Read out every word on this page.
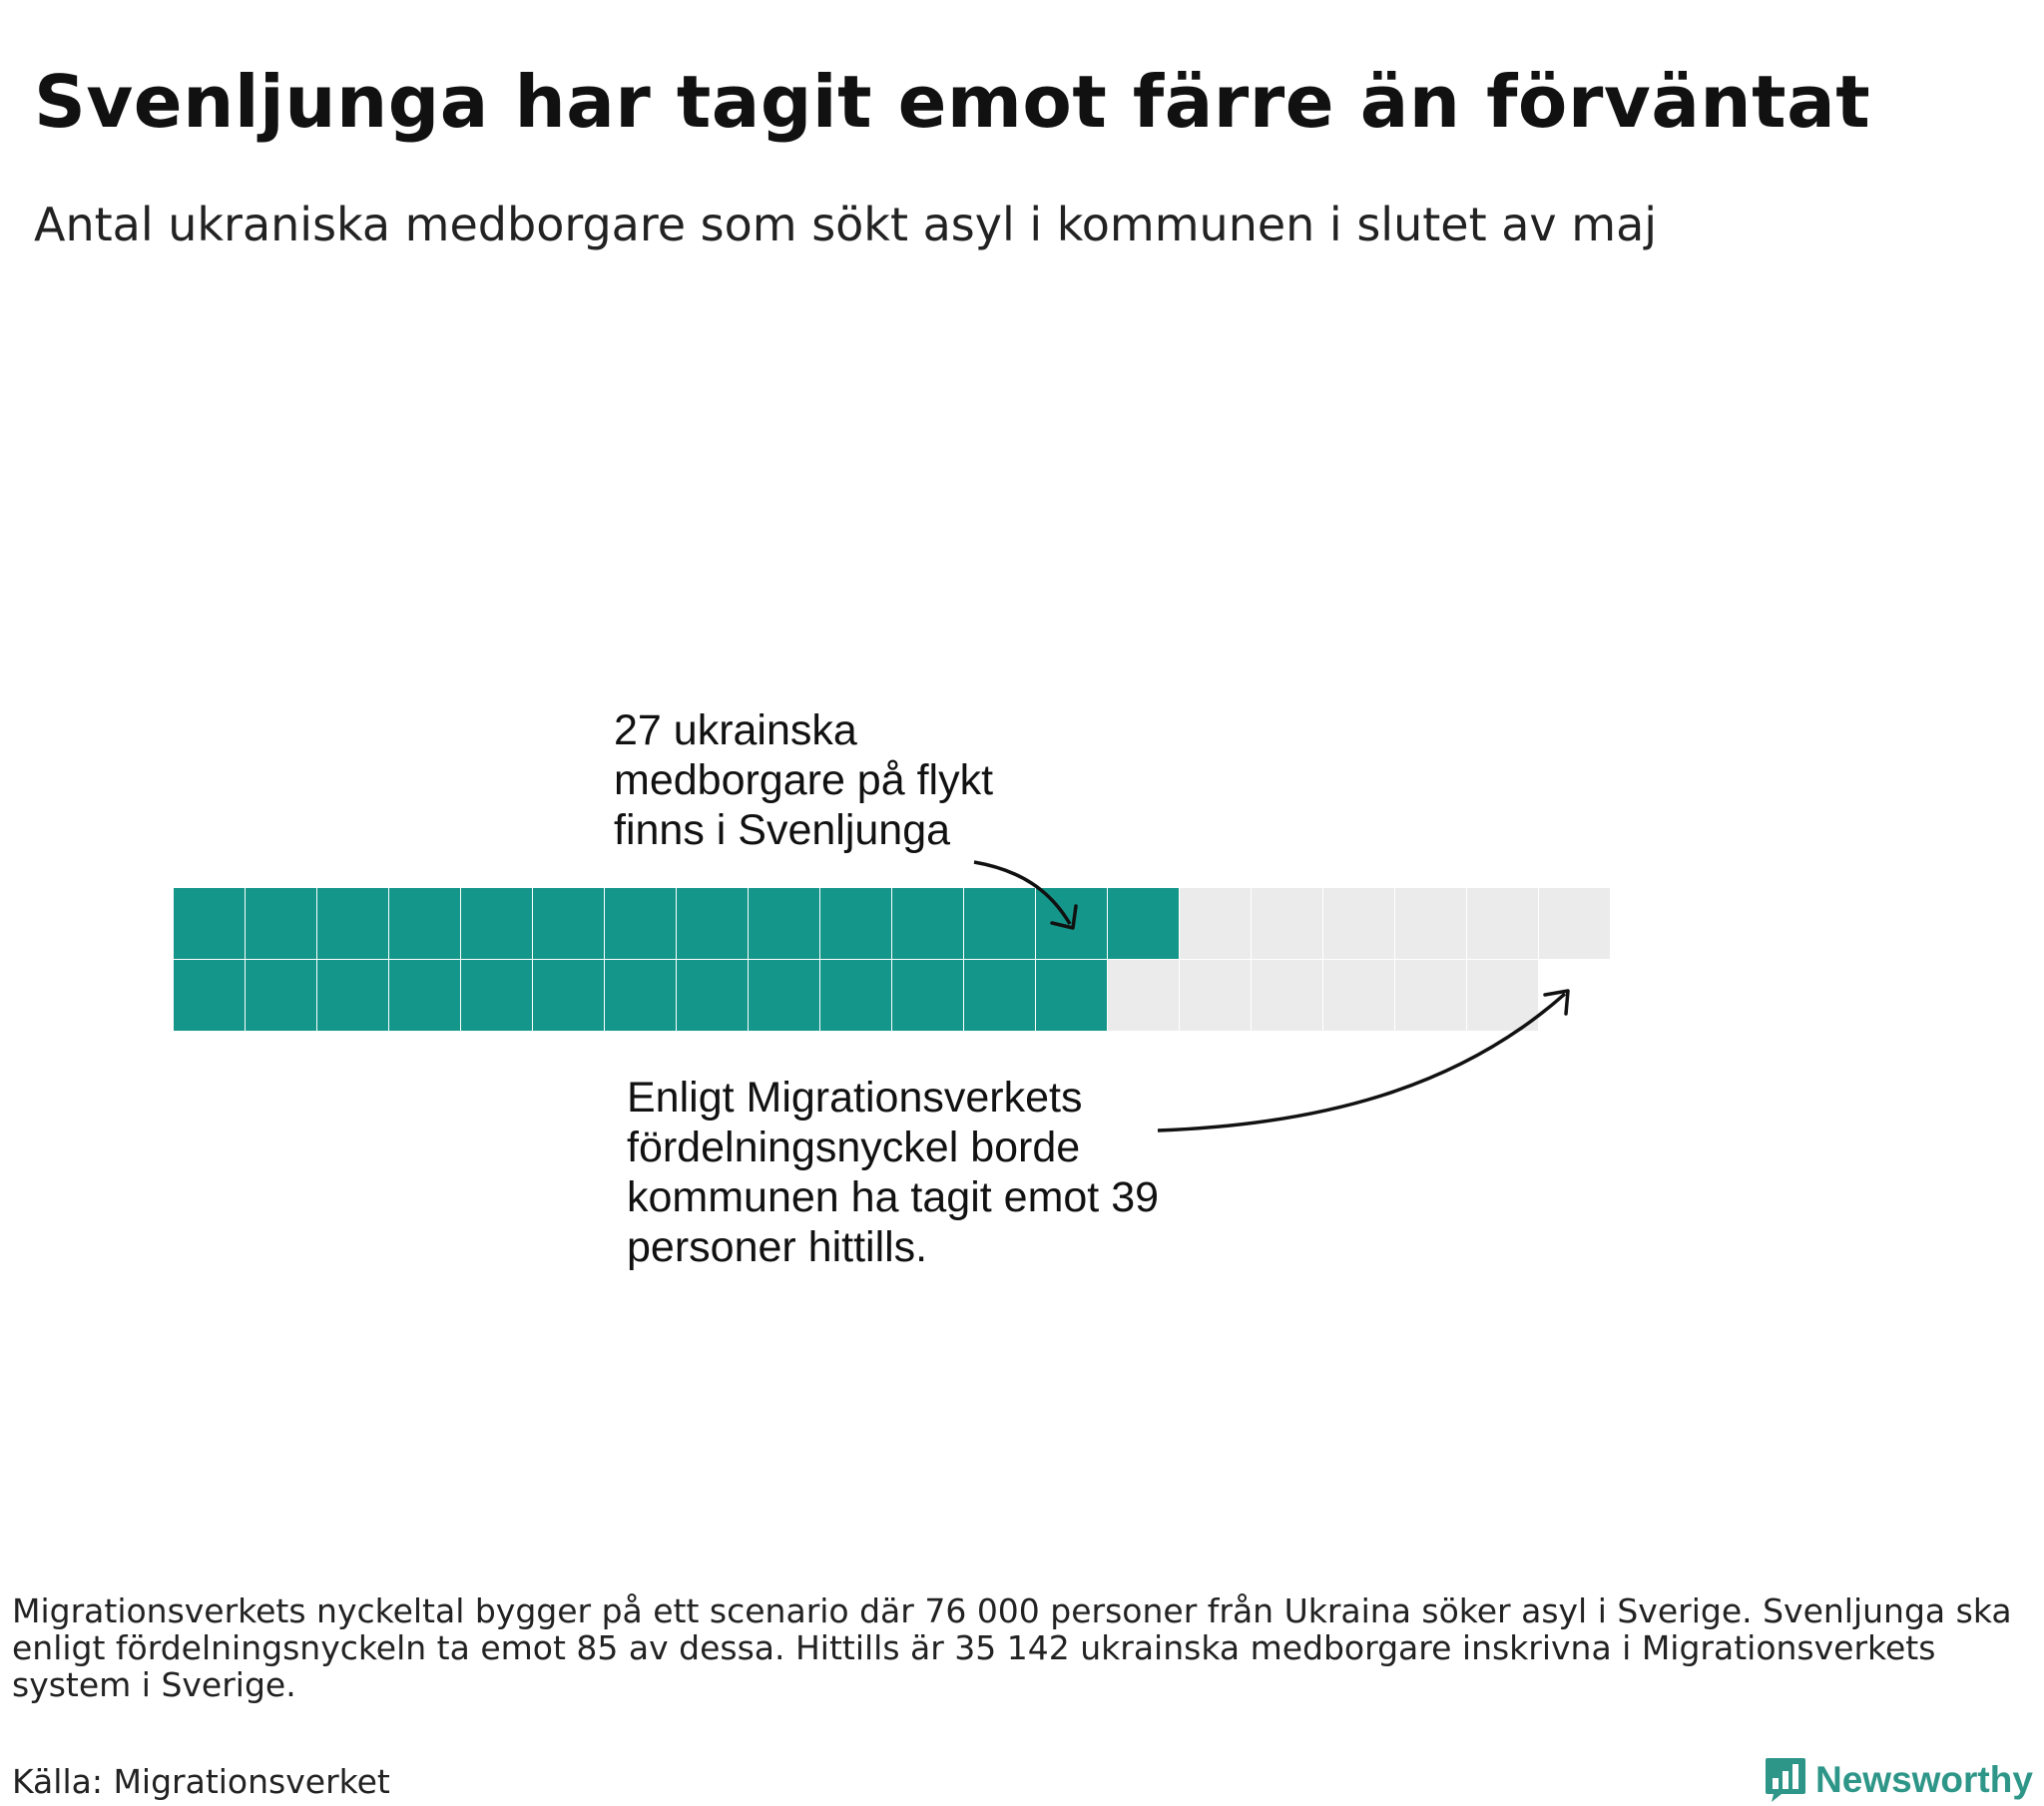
Svenljunga har tagit emot färre än förväntat
Antal ukraniska medborgare som sökt asyl i kommunen i slutet av maj
27 ukrainska medborgare på flykt finns i Svenljunga
Enligt Migrationsverkets fördelningsnyckel borde kommunen ha tagit emot 39 personer hittills.
Migrationsverkets nyckeltal bygger på ett scenario där 76 000 personer från Ukraina söker asyl i Sverige. Svenljunga ska enligt fördelningsnyckeln ta emot 85 av dessa. Hittills är 35 142 ukrainska medborgare inskrivna i Migrationsverkets system i Sverige.
Källa: Migrationsverket	Newsworthy
